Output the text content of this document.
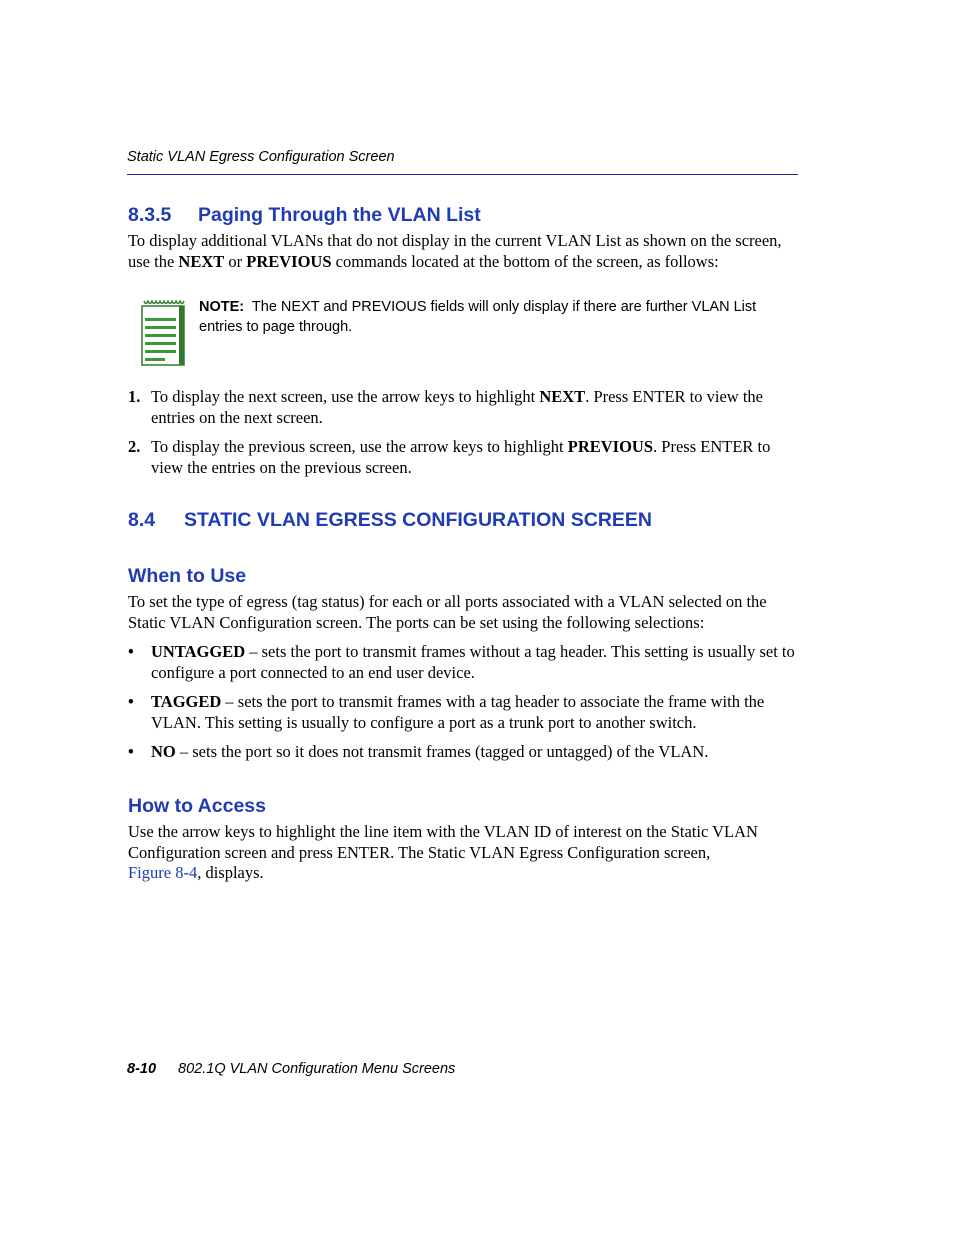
Static VLAN Egress Configuration Screen
8.3.5 Paging Through the VLAN List
To display additional VLANs that do not display in the current VLAN List as shown on the screen, use the NEXT or PREVIOUS commands located at the bottom of the screen, as follows:
NOTE: The NEXT and PREVIOUS fields will only display if there are further VLAN List entries to page through.
1. To display the next screen, use the arrow keys to highlight NEXT. Press ENTER to view the entries on the next screen.
2. To display the previous screen, use the arrow keys to highlight PREVIOUS. Press ENTER to view the entries on the previous screen.
8.4 STATIC VLAN EGRESS CONFIGURATION SCREEN
When to Use
To set the type of egress (tag status) for each or all ports associated with a VLAN selected on the Static VLAN Configuration screen. The ports can be set using the following selections:
• UNTAGGED – sets the port to transmit frames without a tag header. This setting is usually set to configure a port connected to an end user device.
• TAGGED – sets the port to transmit frames with a tag header to associate the frame with the VLAN. This setting is usually to configure a port as a trunk port to another switch.
• NO – sets the port so it does not transmit frames (tagged or untagged) of the VLAN.
How to Access
Use the arrow keys to highlight the line item with the VLAN ID of interest on the Static VLAN Configuration screen and press ENTER. The Static VLAN Egress Configuration screen,
Figure 8-4, displays.
8-10 802.1Q VLAN Configuration Menu Screens
